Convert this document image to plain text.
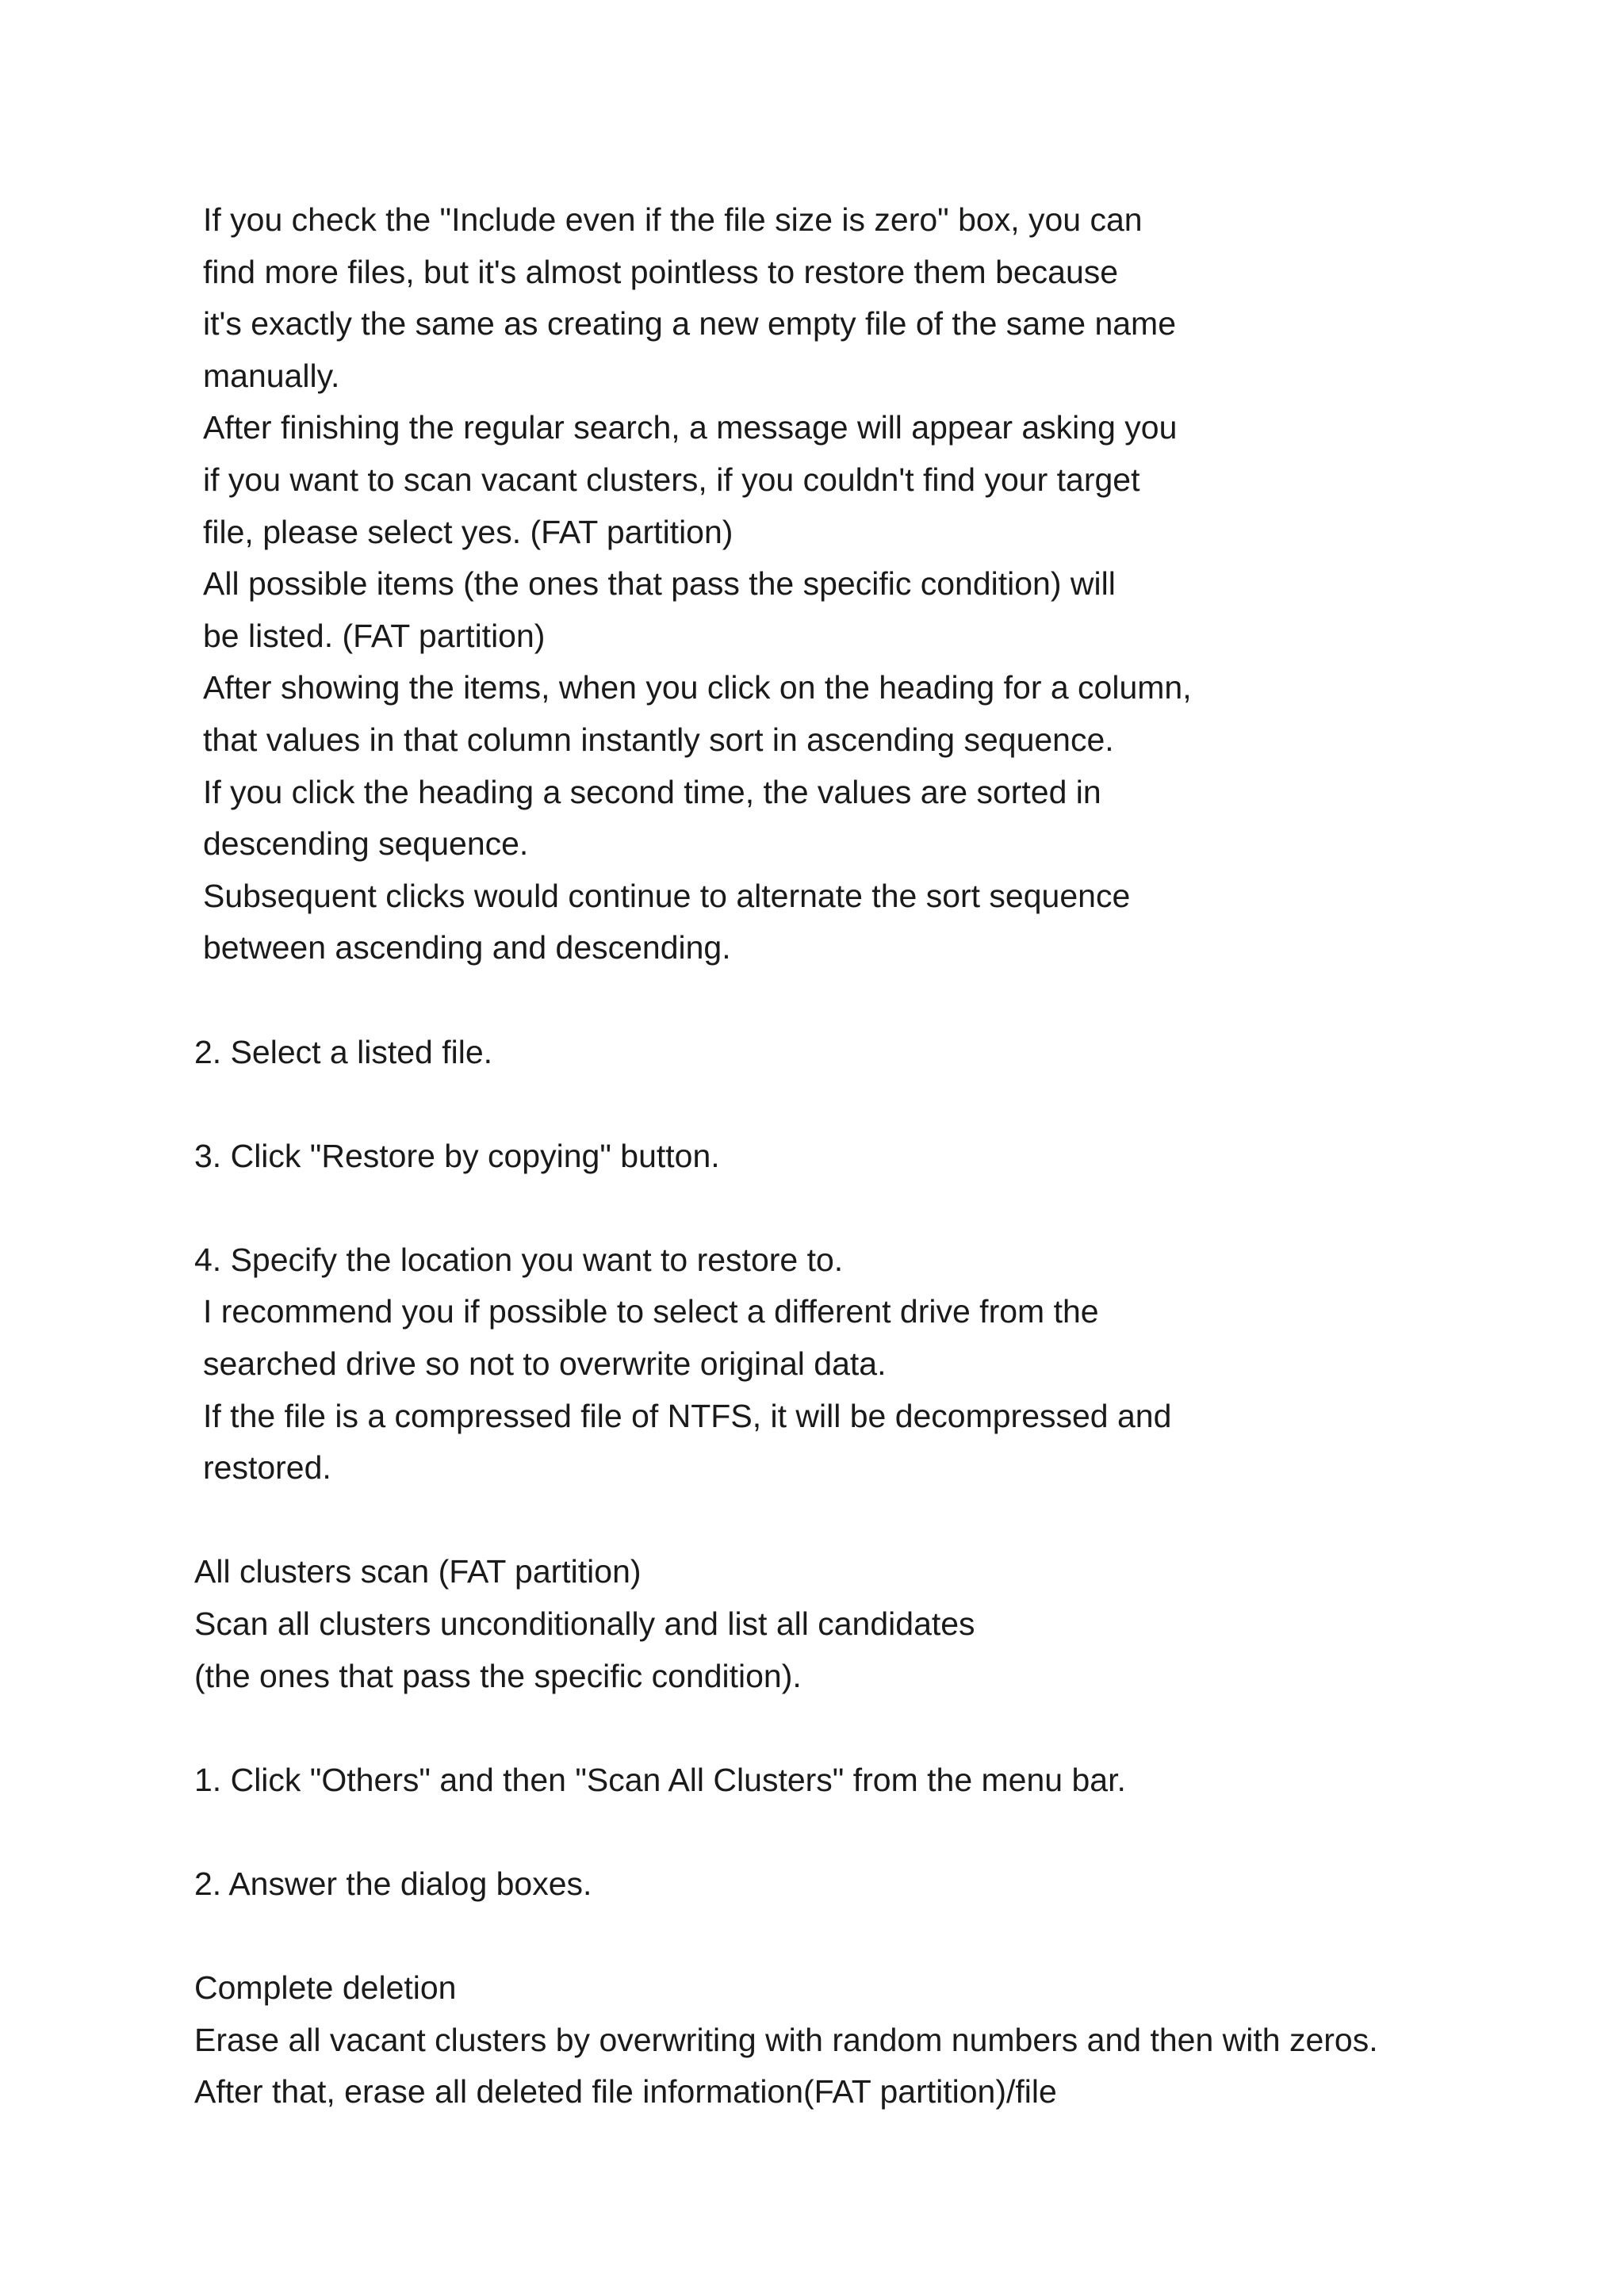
If you check the "Include even if the file size is zero" box, you can
find more files, but it's almost pointless to restore them because
it's exactly the same as creating a new empty file of the same name
manually.
After finishing the regular search, a message will appear asking you
if you want to scan vacant clusters, if you couldn't find your target
file, please select yes. (FAT partition)
All possible items (the ones that pass the specific condition) will
be listed. (FAT partition)
After showing the items, when you click on the heading for a column,
that values in that column instantly sort in ascending sequence.
If you click the heading a second time, the values are sorted in
descending sequence.
Subsequent clicks would continue to alternate the sort sequence
between ascending and descending.
2. Select a listed file.
3. Click "Restore by copying" button.
4. Specify the location you want to restore to.
I recommend you if possible to select a different drive from the
searched drive so not to overwrite original data.
If the file is a compressed file of NTFS, it will be decompressed and
restored.
All clusters scan (FAT partition)
Scan all clusters unconditionally and list all candidates
(the ones that pass the specific condition).
1. Click "Others" and then "Scan All Clusters" from the menu bar.
2. Answer the dialog boxes.
Complete deletion
Erase all vacant clusters by overwriting with random numbers and then with zeros.
After that, erase all deleted file information(FAT partition)/file
